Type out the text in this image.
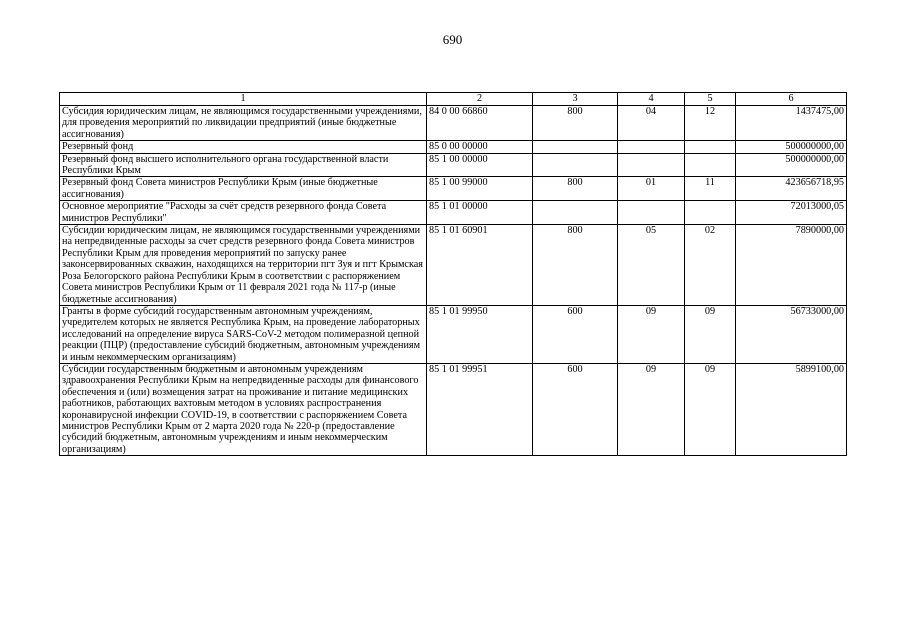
690
1	2	3	4	5	6
Субсидия юридическим лицам, не являющимся государственными учреждениями, для проведения мероприятий по ликвидации предприятий (иные бюджетные ассигнования)	84 0 00 66860	800	04	12	1437475,00
Резервный фонд	85 0 00 00000				500000000,00
Резервный фонд высшего исполнительного органа государственной власти Республики Крым	85 1 00 00000				500000000,00
Резервный фонд Совета министров Республики Крым (иные бюджетные ассигнования)	85 1 00 99000	800	01	11	423656718,95
Основное мероприятие "Расходы за счёт средств резервного фонда Совета министров Республики"	85 1 01 00000				72013000,05
Субсидии юридическим лицам, не являющимся государственными учреждениями на непредвиденные расходы за счет средств резервного фонда Совета министров Республики Крым для проведения мероприятий по запуску ранее законсервированных скважин, находящихся на территории пгт Зуя и пгт Крымская Роза Белогорского района Республики Крым в соответствии с распоряжением Совета министров Республики Крым от 11 февраля 2021 года № 117-р (иные бюджетные ассигнования)	85 1 01 60901	800	05	02	7890000,00
Гранты в форме субсидий государственным автономным учреждениям, учредителем которых не является Республика Крым, на проведение лабораторных исследований на определение вируса SARS-CoV-2 методом полимеразной цепной реакции (ПЦР) (предоставление субсидий бюджетным, автономным учреждениям и иным некоммерческим организациям)	85 1 01 99950	600	09	09	56733000,00
Субсидии государственным бюджетным и автономным учреждениям здравоохранения Республики Крым на непредвиденные расходы для финансового обеспечения и (или) возмещения затрат на проживание и питание медицинских работников, работающих вахтовым методом в условиях распространения коронавирусной инфекции COVID-19, в соответствии с распоряжением Совета министров Республики Крым от 2 марта 2020 года № 220-р (предоставление субсидий бюджетным, автономным учреждениям и иным некоммерческим организациям)	85 1 01 99951	600	09	09	5899100,00
